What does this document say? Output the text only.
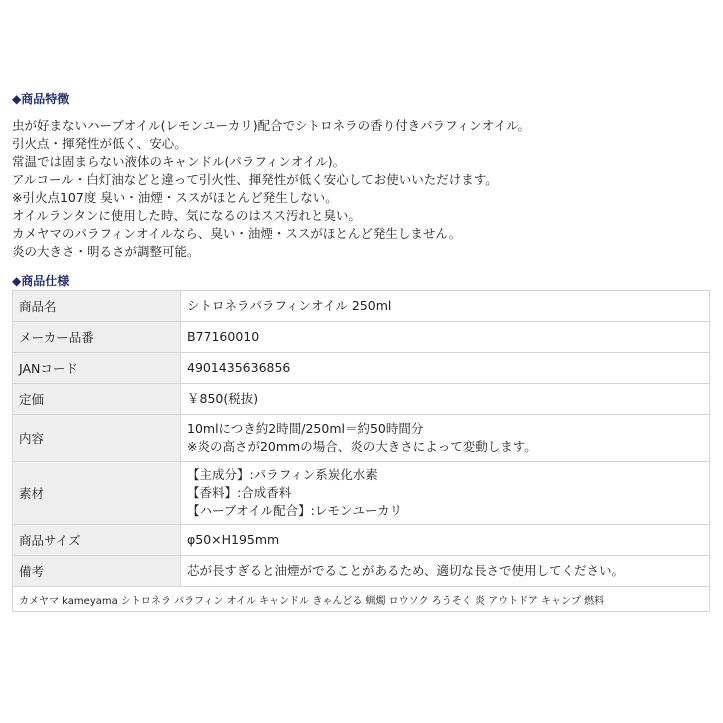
◆商品特徴
虫が好まないハーブオイル(レモンユーカリ)配合でシトロネラの香り付きパラフィンオイル。
引火点・揮発性が低く、安心。
常温では固まらない液体のキャンドル(パラフィンオイル)。
アルコール・白灯油などと違って引火性、揮発性が低く安心してお使いいただけます。
※引火点107度 臭い・油煙・ススがほとんど発生しない。
オイルランタンに使用した時、気になるのはスス汚れと臭い。
カメヤマのパラフィンオイルなら、臭い・油煙・ススがほとんど発生しません。
炎の大きさ・明るさが調整可能。
◆商品仕様
商品名	シトロネラパラフィンオイル 250ml

メーカー品番	B77160010

JANコード	4901435636856

定価	￥850(税抜)

内容	10mlにつき約2時間/250ml＝約50時間分
※炎の高さが20mmの場合、炎の大きさによって変動します。

素材	【主成分】:パラフィン系炭化水素
【香料】:合成香料
【ハーブオイル配合】:レモンユーカリ

商品サイズ	φ50×H195mm

備考	芯が長すぎると油煙がでることがあるため、適切な長さで使用してください。

カメヤマ kameyama シトロネラ パラフィン オイル キャンドル きゃんどる 蝋燭 ロウソク ろうそく 炎 アウトドア キャンプ 燃料	
